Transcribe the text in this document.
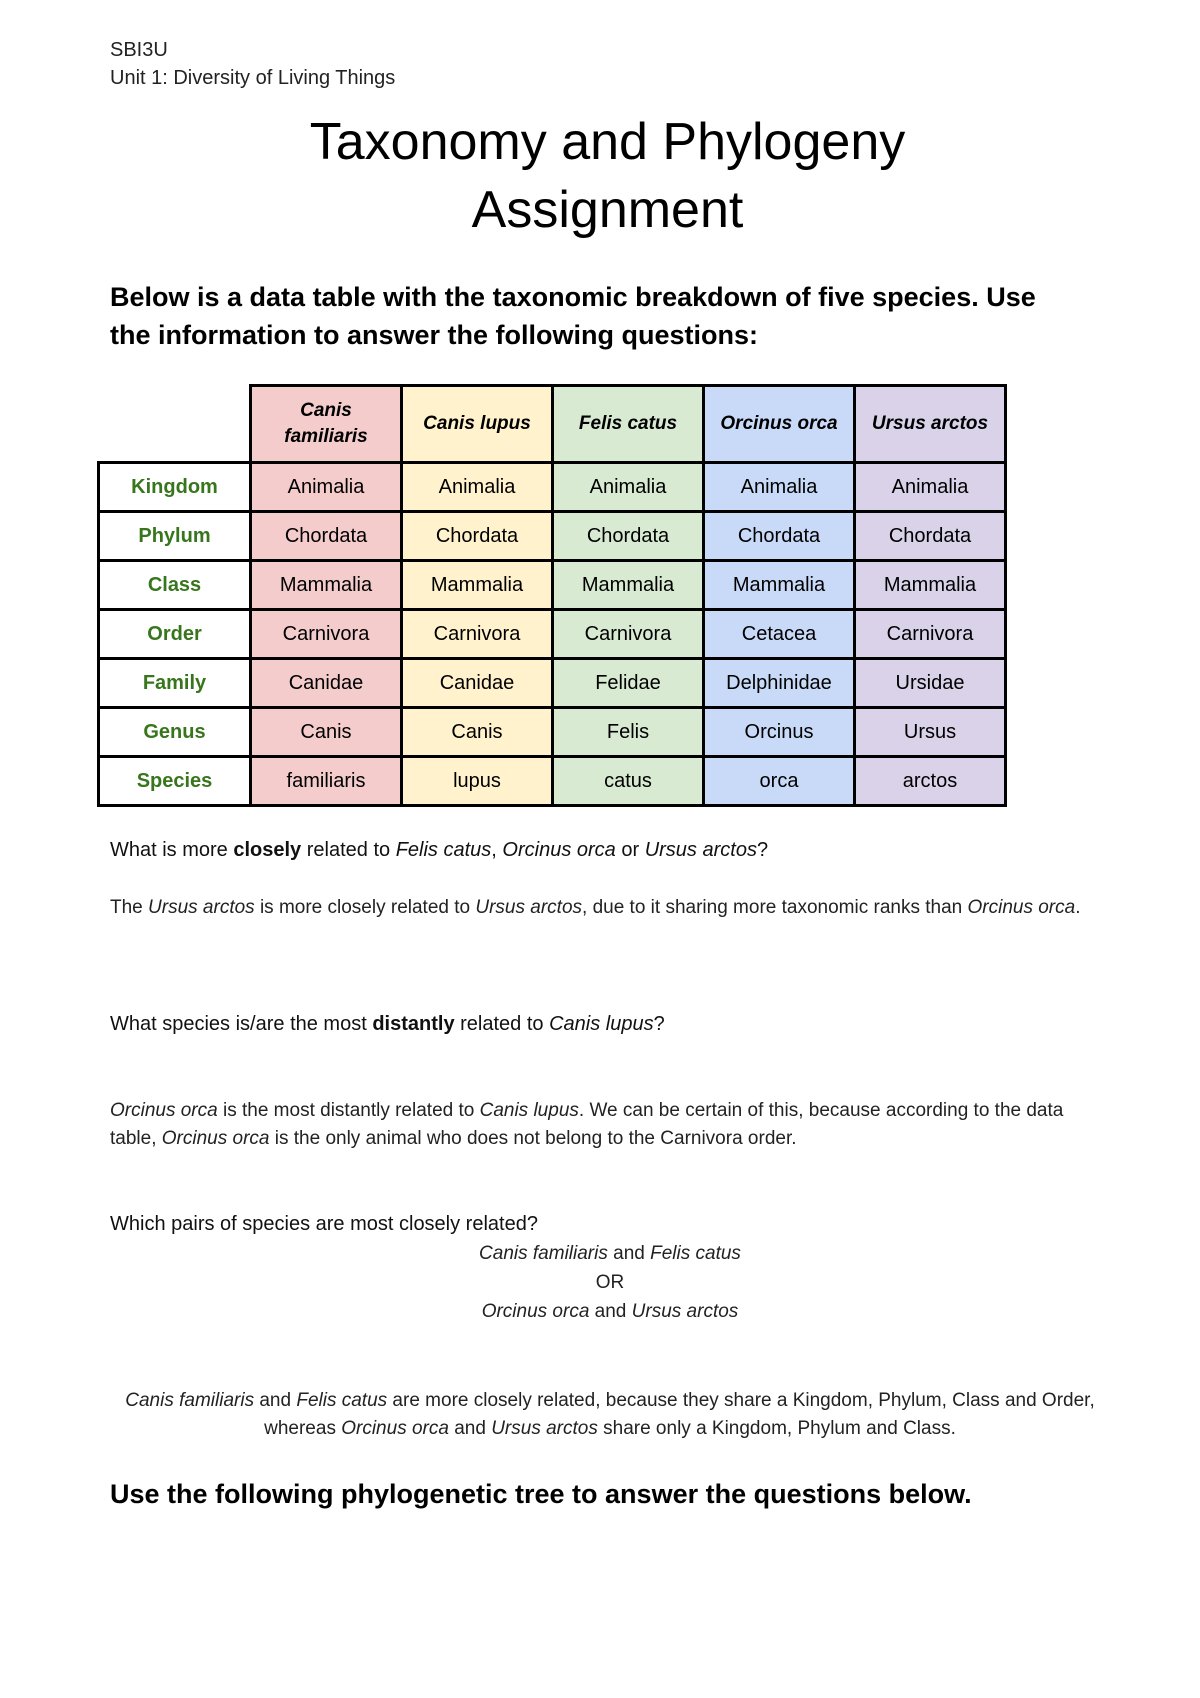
SBI3U
Unit 1: Diversity of Living Things
Taxonomy and Phylogeny
Assignment

Below is a data table with the taxonomic breakdown of five species. Use

the information to answer the following questions:

	Canis familiaris	Canis lupus	Felis catus	Orcinus orca	Ursus arctos
Kingdom	Animalia	Animalia	Animalia	Animalia	Animalia
Phylum	Chordata	Chordata	Chordata	Chordata	Chordata
Class	Mammalia	Mammalia	Mammalia	Mammalia	Mammalia
Order	Carnivora	Carnivora	Carnivora	Cetacea	Carnivora
Family	Canidae	Canidae	Felidae	Delphinidae	Ursidae
Genus	Canis	Canis	Felis	Orcinus	Ursus
Species	familiaris	lupus	catus	orca	arctos

What is more closely related to Felis catus, Orcinus orca or Ursus arctos?

The Ursus arctos is more closely related to Ursus arctos, due to it sharing more taxonomic ranks than Orcinus orca.

What species is/are the most distantly related to Canis lupus?

Orcinus orca is the most distantly related to Canis lupus. We can be certain of this, because according to the data table, Orcinus orca is the only animal who does not belong to the Carnivora order.

Which pairs of species are most closely related?

Canis familiaris and Felis catus

OR

Orcinus orca and Ursus arctos

Canis familiaris and Felis catus are more closely related, because they share a Kingdom, Phylum, Class and Order, whereas Orcinus orca and Ursus arctos share only a Kingdom, Phylum and Class.

Use the following phylogenetic tree to answer the questions below.
